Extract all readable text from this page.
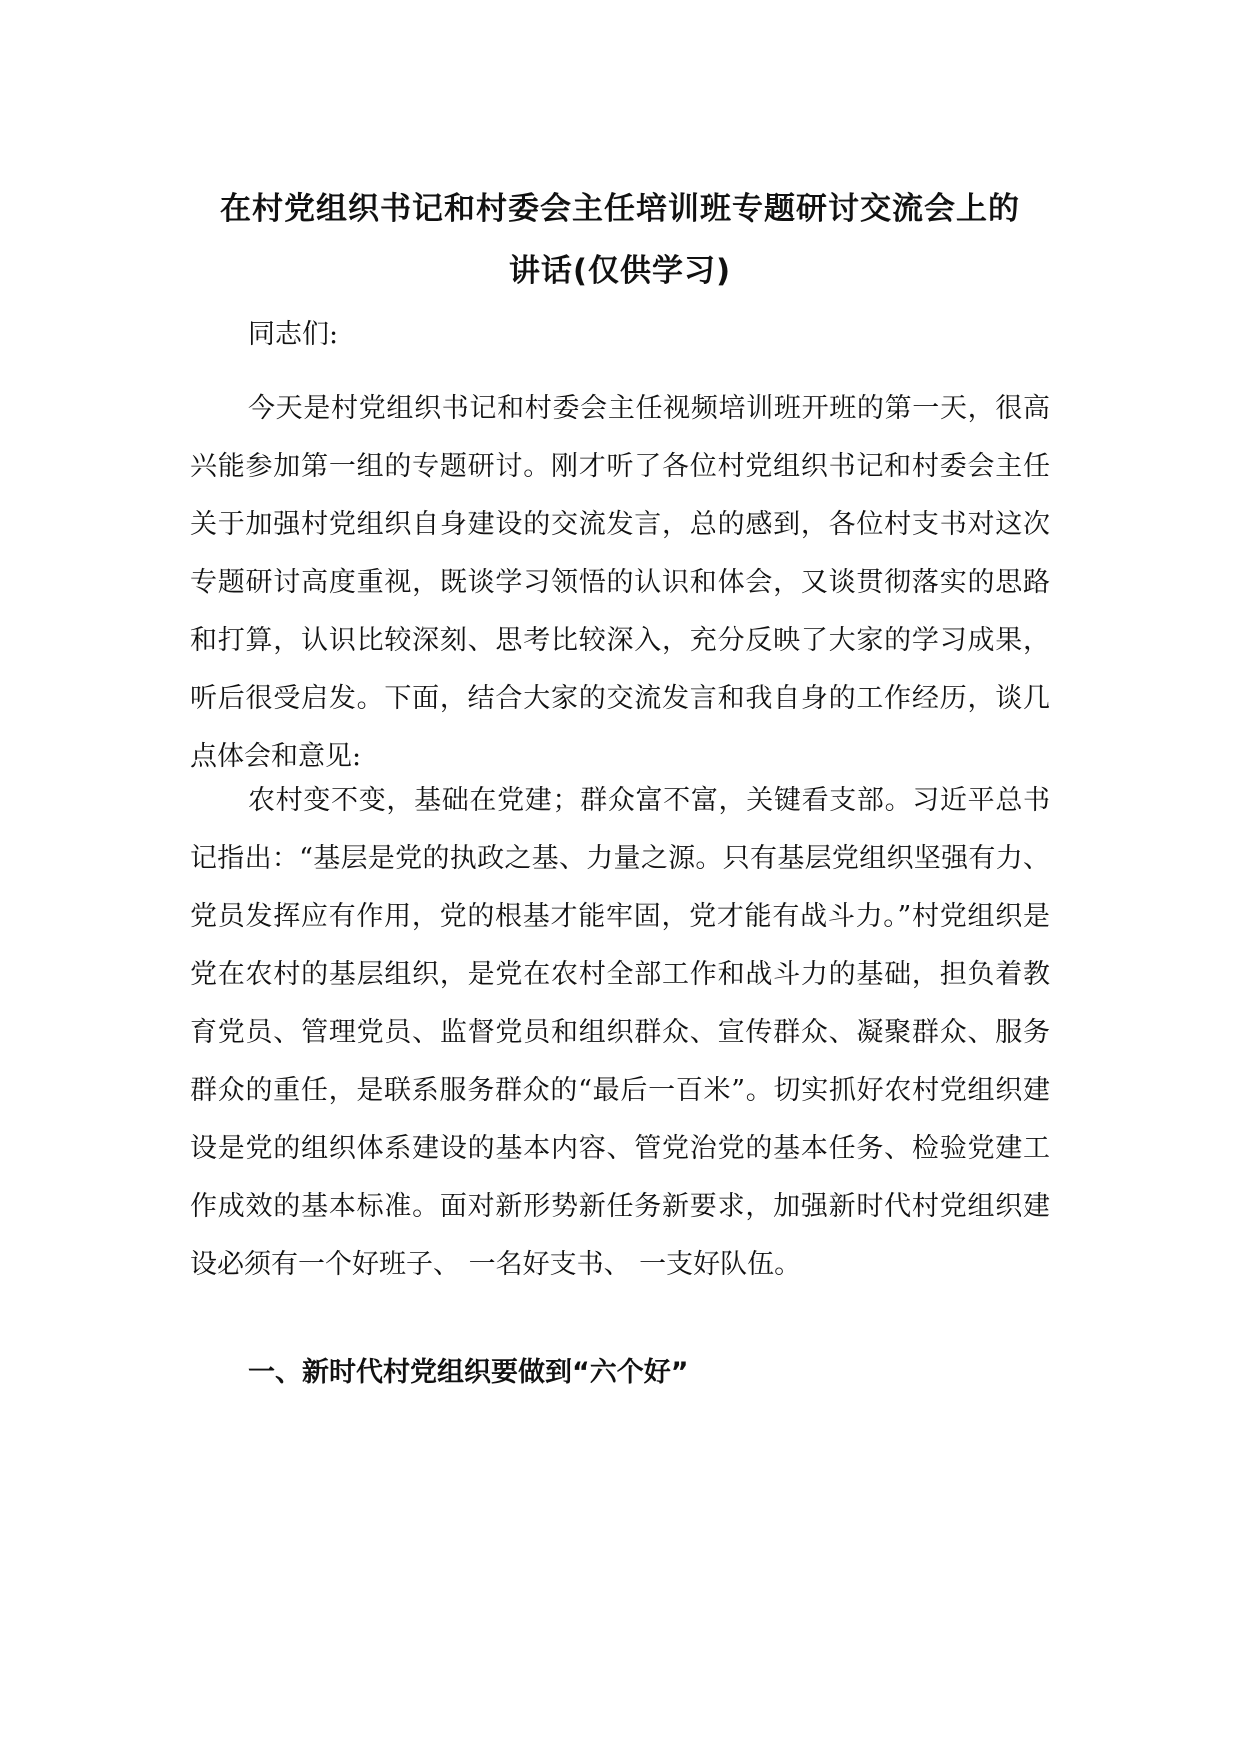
在村党组织书记和村委会主任培训班专题研讨交流会上的
讲话(仅供学习)

同志们:

今天是村党组织书记和村委会主任视频培训班开班的第一天，很高兴能参加第一组的专题研讨。刚才听了各位村党组织书记和村委会主任关于加强村党组织自身建设的交流发言，总的感到，各位村支书对这次专题研讨高度重视，既谈学习领悟的认识和体会，又谈贯彻落实的思路和打算，认识比较深刻、思考比较深入，充分反映了大家的学习成果，听后很受启发。下面，结合大家的交流发言和我自身的工作经历，谈几点体会和意见:

农村变不变，基础在党建；群众富不富，关键看支部。习近平总书记指出：“基层是党的执政之基、力量之源。只有基层党组织坚强有力、党员发挥应有作用，党的根基才能牢固，党才能有战斗力。”村党组织是党在农村的基层组织，是党在农村全部工作和战斗力的基础，担负着教育党员、管理党员、监督党员和组织群众、宣传群众、凝聚群众、服务群众的重任，是联系服务群众的“最后一百米”。切实抓好农村党组织建设是党的组织体系建设的基本内容、管党治党的基本任务、检验党建工作成效的基本标准。面对新形势新任务新要求，加强新时代村党组织建设必须有一个好班子、 一名好支书、 一支好队伍。

一、新时代村党组织要做到“六个好”
